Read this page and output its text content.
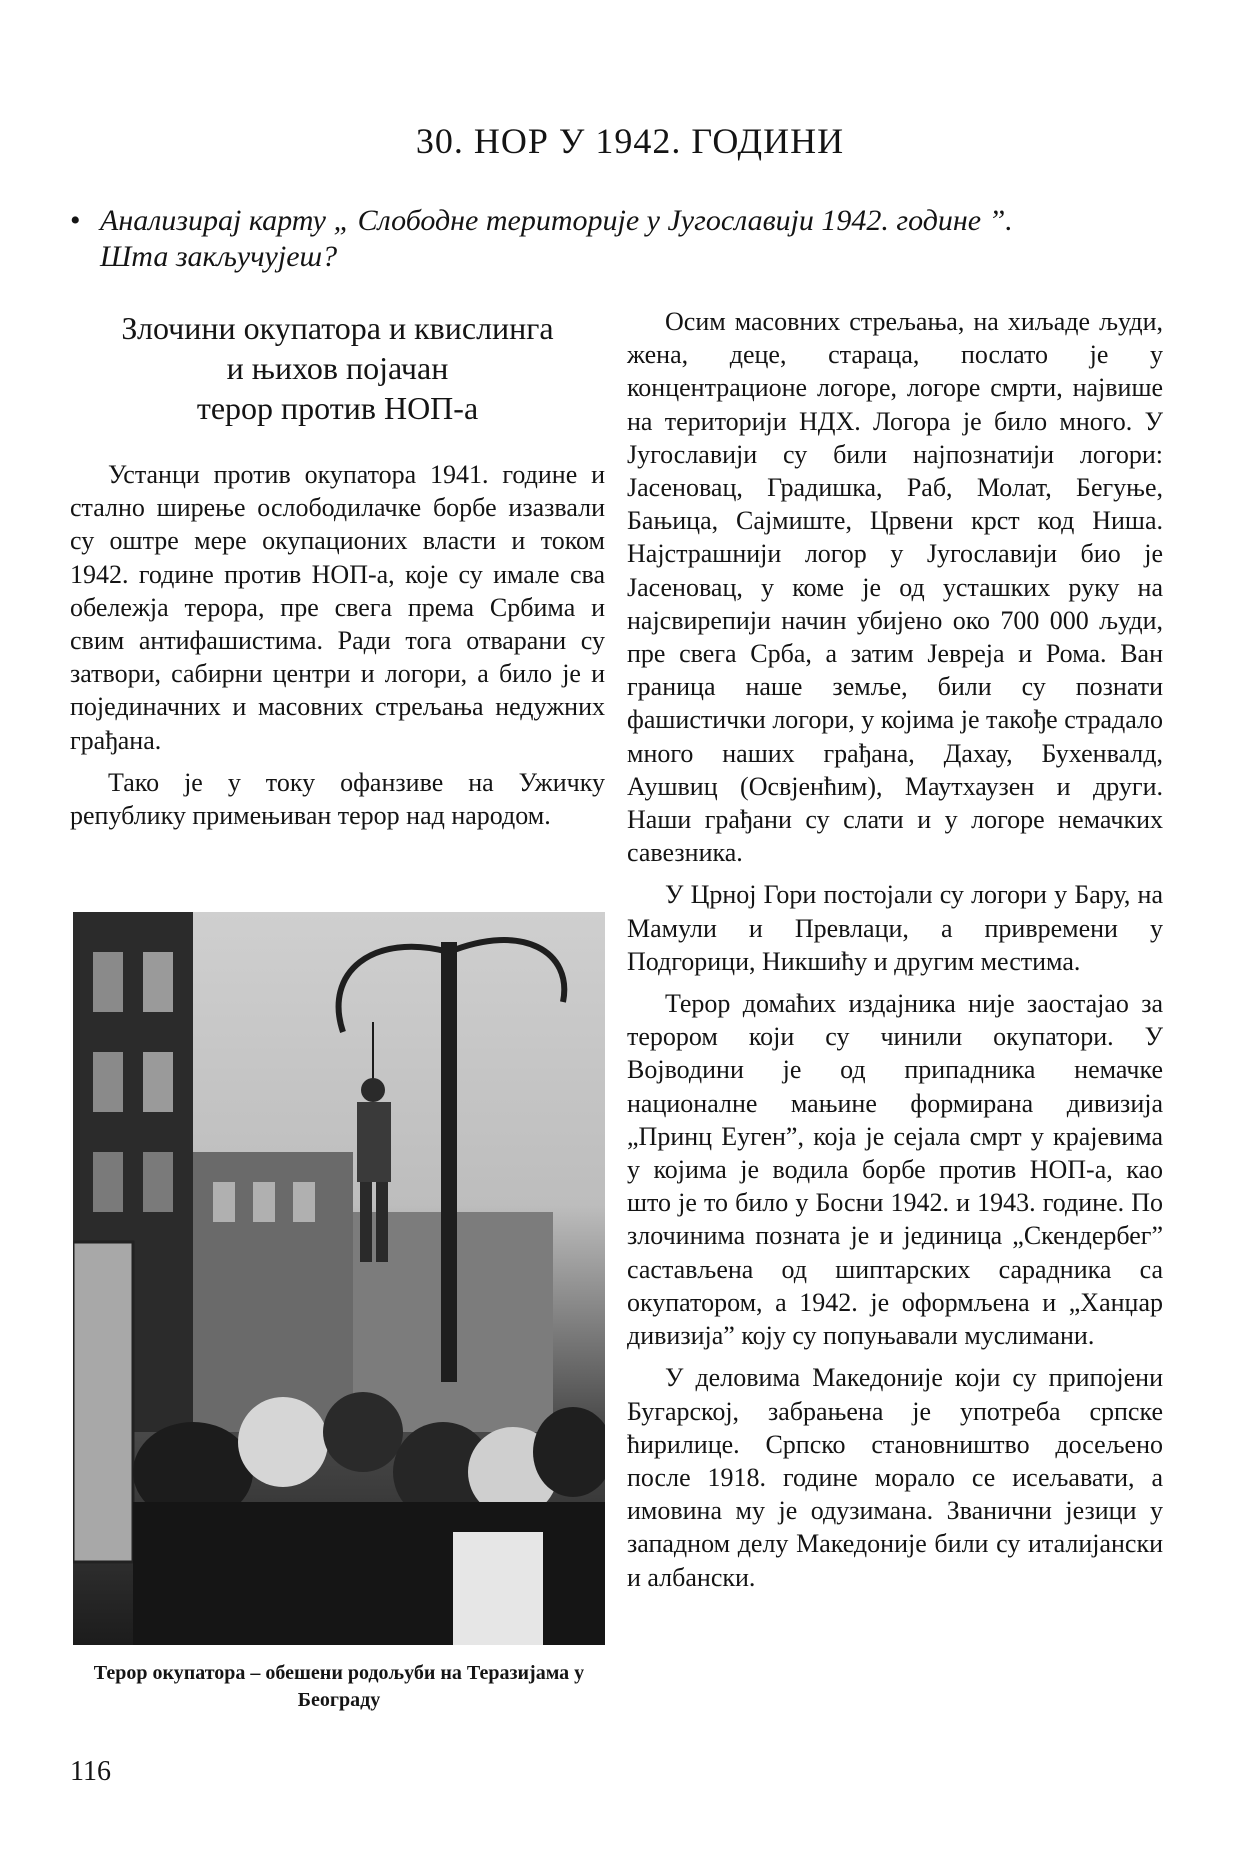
30. НОР У 1942. ГОДИНИ
• Анализирај карту „ Слободне територије у Југославији 1942. године ”. Шта закључујеш?
Злочини окупатора и квислинга
и њихов појачан
терор против НОП-а

Устанци против окупатора 1941. године и стално ширење ослободилачке борбе изазвали су оштре мере окупационих власти и током 1942. године против НОП-а, које су имале сва обележја терора, пре свега према Србима и свим антифашистима. Ради тога отварани су затвори, сабирни центри и логори, а било је и појединачних и масовних стрељања недужних грађана.

Тако је у току офанзиве на Ужичку републику примењиван терор над народом.

Терор окупатора – обешени родољуби на Теразијама у Београду

Осим масовних стрељања, на хиљаде људи, жена, деце, стараца, послато је у концентрационе логоре, логоре смрти, највише на територији НДХ. Логора је било много. У Југославији су били најпознатији логори: Јасеновац, Градишка, Раб, Молат, Бегуње, Бањица, Сајмиште, Црвени крст код Ниша. Најстрашнији логор у Југославији био је Јасеновац, у коме је од усташких руку на најсвирепији начин убијено око 700 000 људи, пре свега Срба, а затим Јевреја и Рома. Ван граница наше земље, били су познати фашистички логори, у којима је такође страдало много наших грађана, Дахау, Бухенвалд, Аушвиц (Освјенћим), Маутхаузен и други. Наши грађани су слати и у логоре немачких савезника.

У Црној Гори постојали су логори у Бару, на Мамули и Превлаци, а привремени у Подгорици, Никшићу и другим местима.

Терор домаћих издајника није заостајао за терором који су чинили окупатори. У Војводини је од припадника немачке националне мањине формирана дивизија „Принц Еуген”, која је сејала смрт у крајевима у којима је водила борбе против НОП-а, као што је то било у Босни 1942. и 1943. године. По злочинима позната је и јединица „Скендербег” састављена од шиптарских сарадника са окупатором, а 1942. је оформљена и „Ханџар дивизија” коју су попуњавали муслимани.

У деловима Македоније који су припојени Бугарској, забрањена је употреба српске ћирилице. Српско становништво досељено после 1918. године морало се исељавати, а имовина му је одузимана. Званични језици у западном делу Македоније били су италијански и албански.

116
